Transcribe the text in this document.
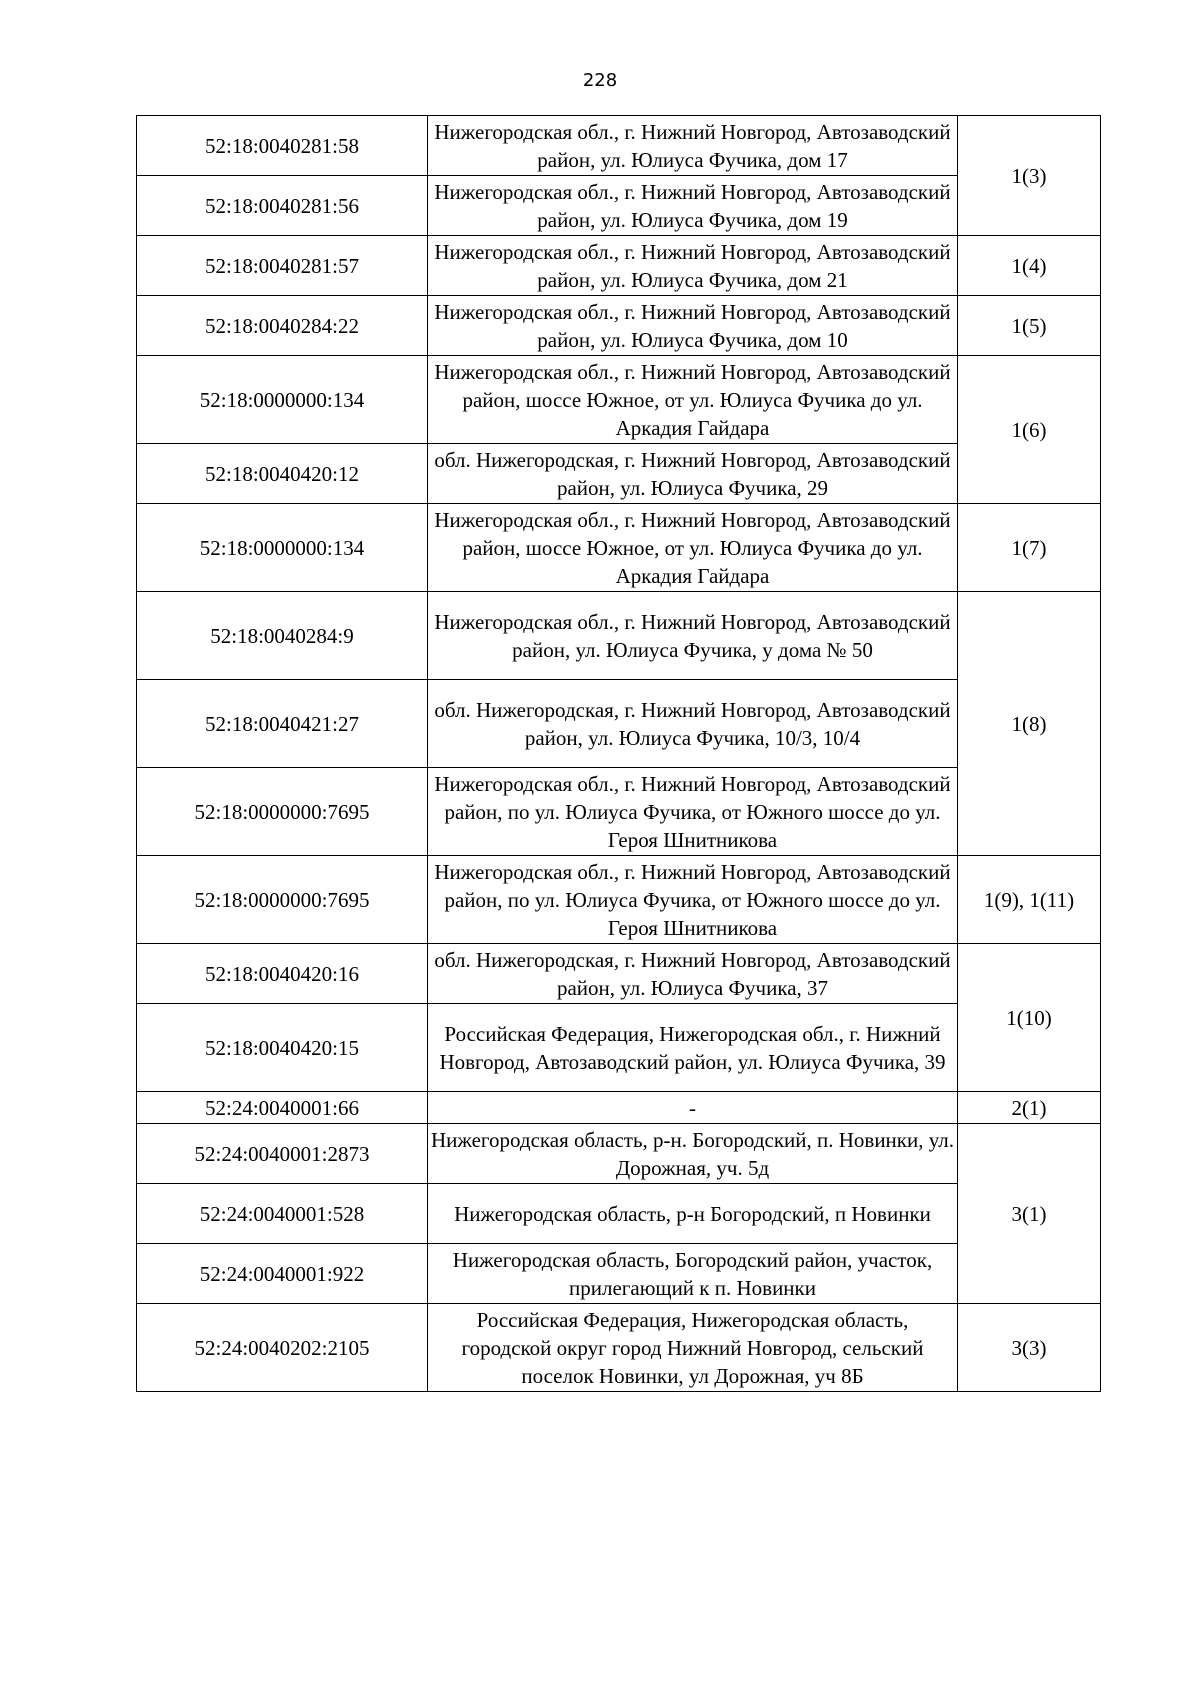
228
52:18:0040281:58	Нижегородская обл., г. Нижний Новгород, Автозаводский район, ул. Юлиуса Фучика, дом 17	1(3)
52:18:0040281:56	Нижегородская обл., г. Нижний Новгород, Автозаводский район, ул. Юлиуса Фучика, дом 19	
52:18:0040281:57	Нижегородская обл., г. Нижний Новгород, Автозаводский район, ул. Юлиуса Фучика, дом 21	1(4)
52:18:0040284:22	Нижегородская обл., г. Нижний Новгород, Автозаводский район, ул. Юлиуса Фучика, дом 10	1(5)
52:18:0000000:134	Нижегородская обл., г. Нижний Новгород, Автозаводский район, шоссе Южное, от ул. Юлиуса Фучика до ул. Аркадия Гайдара	1(6)
52:18:0040420:12	обл. Нижегородская, г. Нижний Новгород, Автозаводский район, ул. Юлиуса Фучика, 29	
52:18:0000000:134	Нижегородская обл., г. Нижний Новгород, Автозаводский район, шоссе Южное, от ул. Юлиуса Фучика до ул. Аркадия Гайдара	1(7)
52:18:0040284:9	Нижегородская обл., г. Нижний Новгород, Автозаводский район, ул. Юлиуса Фучика, у дома № 50	1(8)
52:18:0040421:27	обл. Нижегородская, г. Нижний Новгород, Автозаводский район, ул. Юлиуса Фучика, 10/3, 10/4	
52:18:0000000:7695	Нижегородская обл., г. Нижний Новгород, Автозаводский район, по ул. Юлиуса Фучика, от Южного шоссе до ул. Героя Шнитникова	
52:18:0000000:7695	Нижегородская обл., г. Нижний Новгород, Автозаводский район, по ул. Юлиуса Фучика, от Южного шоссе до ул. Героя Шнитникова	1(9), 1(11)
52:18:0040420:16	обл. Нижегородская, г. Нижний Новгород, Автозаводский район, ул. Юлиуса Фучика, 37	1(10)
52:18:0040420:15	Российская Федерация, Нижегородская обл., г. Нижний Новгород, Автозаводский район, ул. Юлиуса Фучика, 39	
52:24:0040001:66	-	2(1)
52:24:0040001:2873	Нижегородская область, р-н. Богородский, п. Новинки, ул. Дорожная, уч. 5д	3(1)
52:24:0040001:528	Нижегородская область, р-н Богородский, п Новинки	
52:24:0040001:922	Нижегородская область, Богородский район, участок, прилегающий к п. Новинки	
52:24:0040202:2105	Российская Федерация, Нижегородская область, городской округ город Нижний Новгород, сельский поселок Новинки, ул Дорожная, уч 8Б	3(3)
